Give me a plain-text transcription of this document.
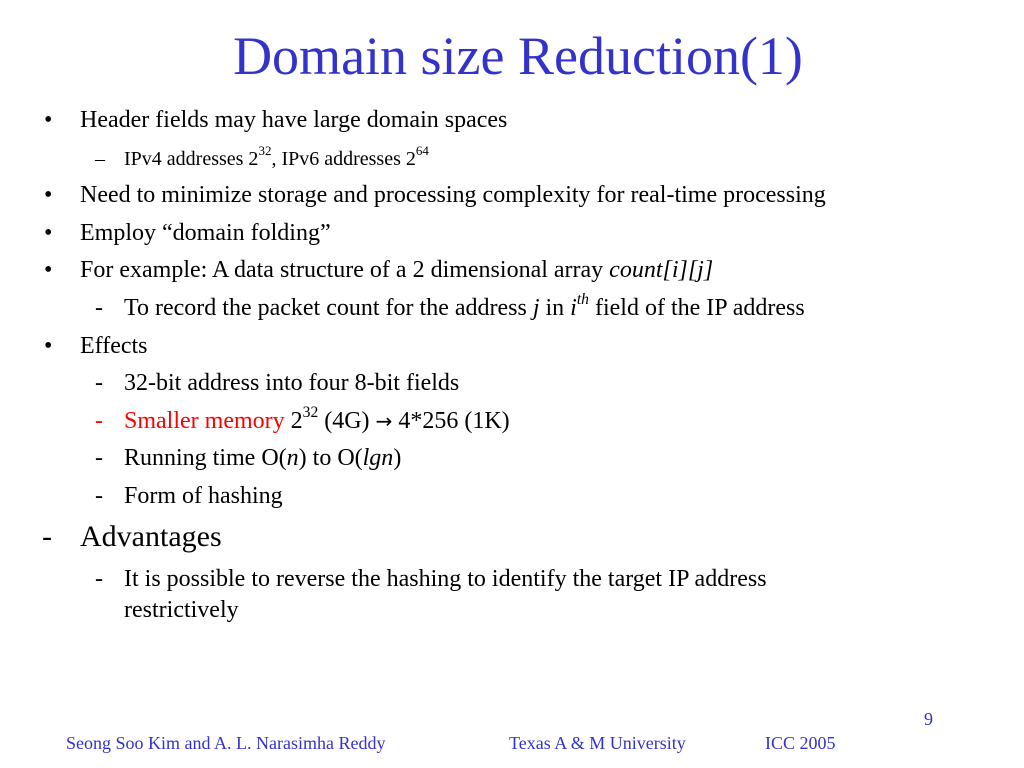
Domain size Reduction(1)
• Header fields may have large domain spaces
– IPv4 addresses $2^{32}$, IPv6 addresses $2^{64}$
• Need to minimize storage and processing complexity for real-time processing
• Employ “domain folding”
• For example: A data structure of a 2 dimensional array count[i][j]
- To record the packet count for the address j in $i^{th}$ field of the IP address
• Effects
- 32-bit address into four 8-bit fields
- Smaller memory $2^{32}$ (4G) → 4*256 (1K)
- Running time O(n) to O(lgn)
- Form of hashing
- Advantages
- It is possible to reverse the hashing to identify the target IP address
restrictively
9
Seong Soo Kim and A. L. Narasimha Reddy	Texas A & M University	ICC 2005
